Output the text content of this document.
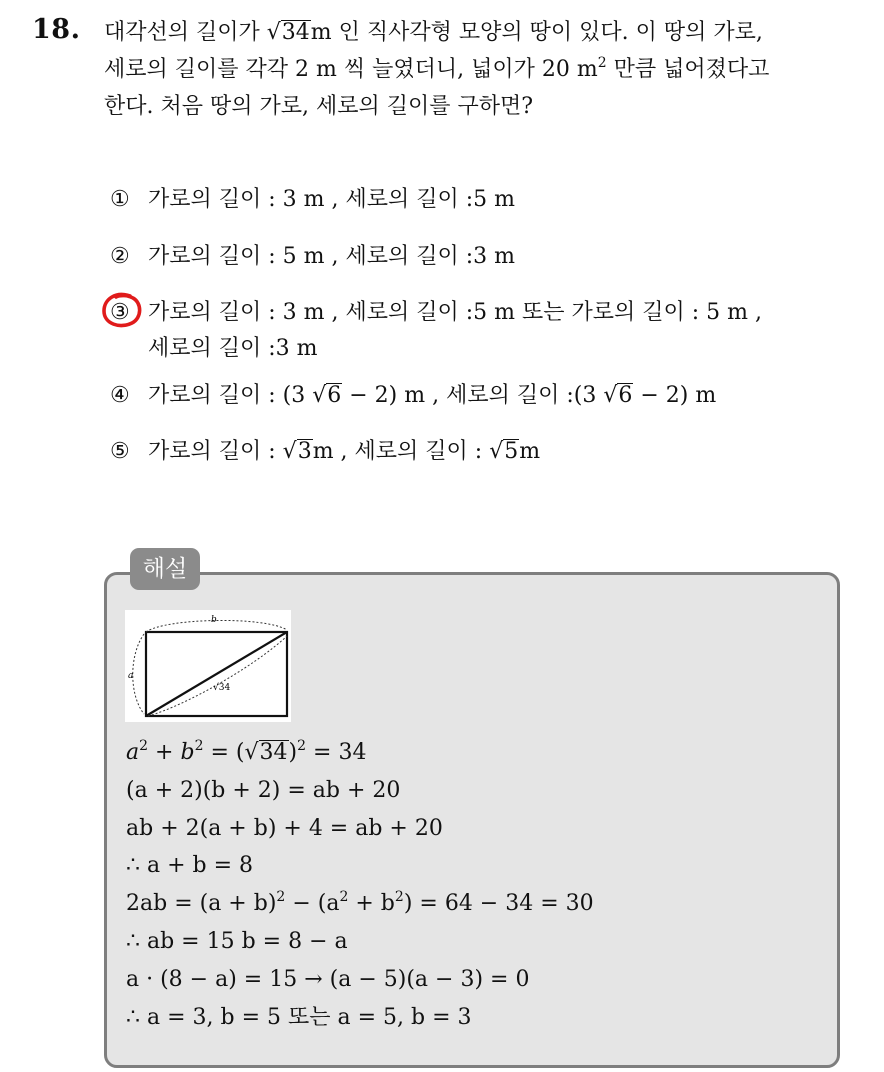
18. 대각선의 길이가 √34m 인 직사각형 모양의 땅이 있다. 이 땅의 가로,
세로의 길이를 각각 2 m 씩 늘였더니, 넓이가 20 $m^2$ 만큼 넓어졌다고
한다. 처음 땅의 가로, 세로의 길이를 구하면?
① 가로의 길이 : 3 m , 세로의 길이 :5 m
② 가로의 길이 : 5 m , 세로의 길이 :3 m
③ 가로의 길이 : 3 m , 세로의 길이 :5 m 또는 가로의 길이 : 5 m ,
세로의 길이 :3 m
④ 가로의 길이 : (3 √6 − 2) m , 세로의 길이 :(3 √6 − 2) m
⑤ 가로의 길이 : √3m , 세로의 길이 : √5m
해설
b
a
√34
$a^2 + b^2 = (√34)^2 = 34$
(a + 2)(b + 2) = ab + 20
ab + 2(a + b) + 4 = ab + 20
∴ a + b = 8
$2ab = (a + b)^2 - (a^2 + b^2) = 64 - 34 = 30$
∴ ab = 15 b = 8 − a
a · (8 − a) = 15 → (a − 5)(a − 3) = 0
∴ a = 3, b = 5 또는 a = 5, b = 3
